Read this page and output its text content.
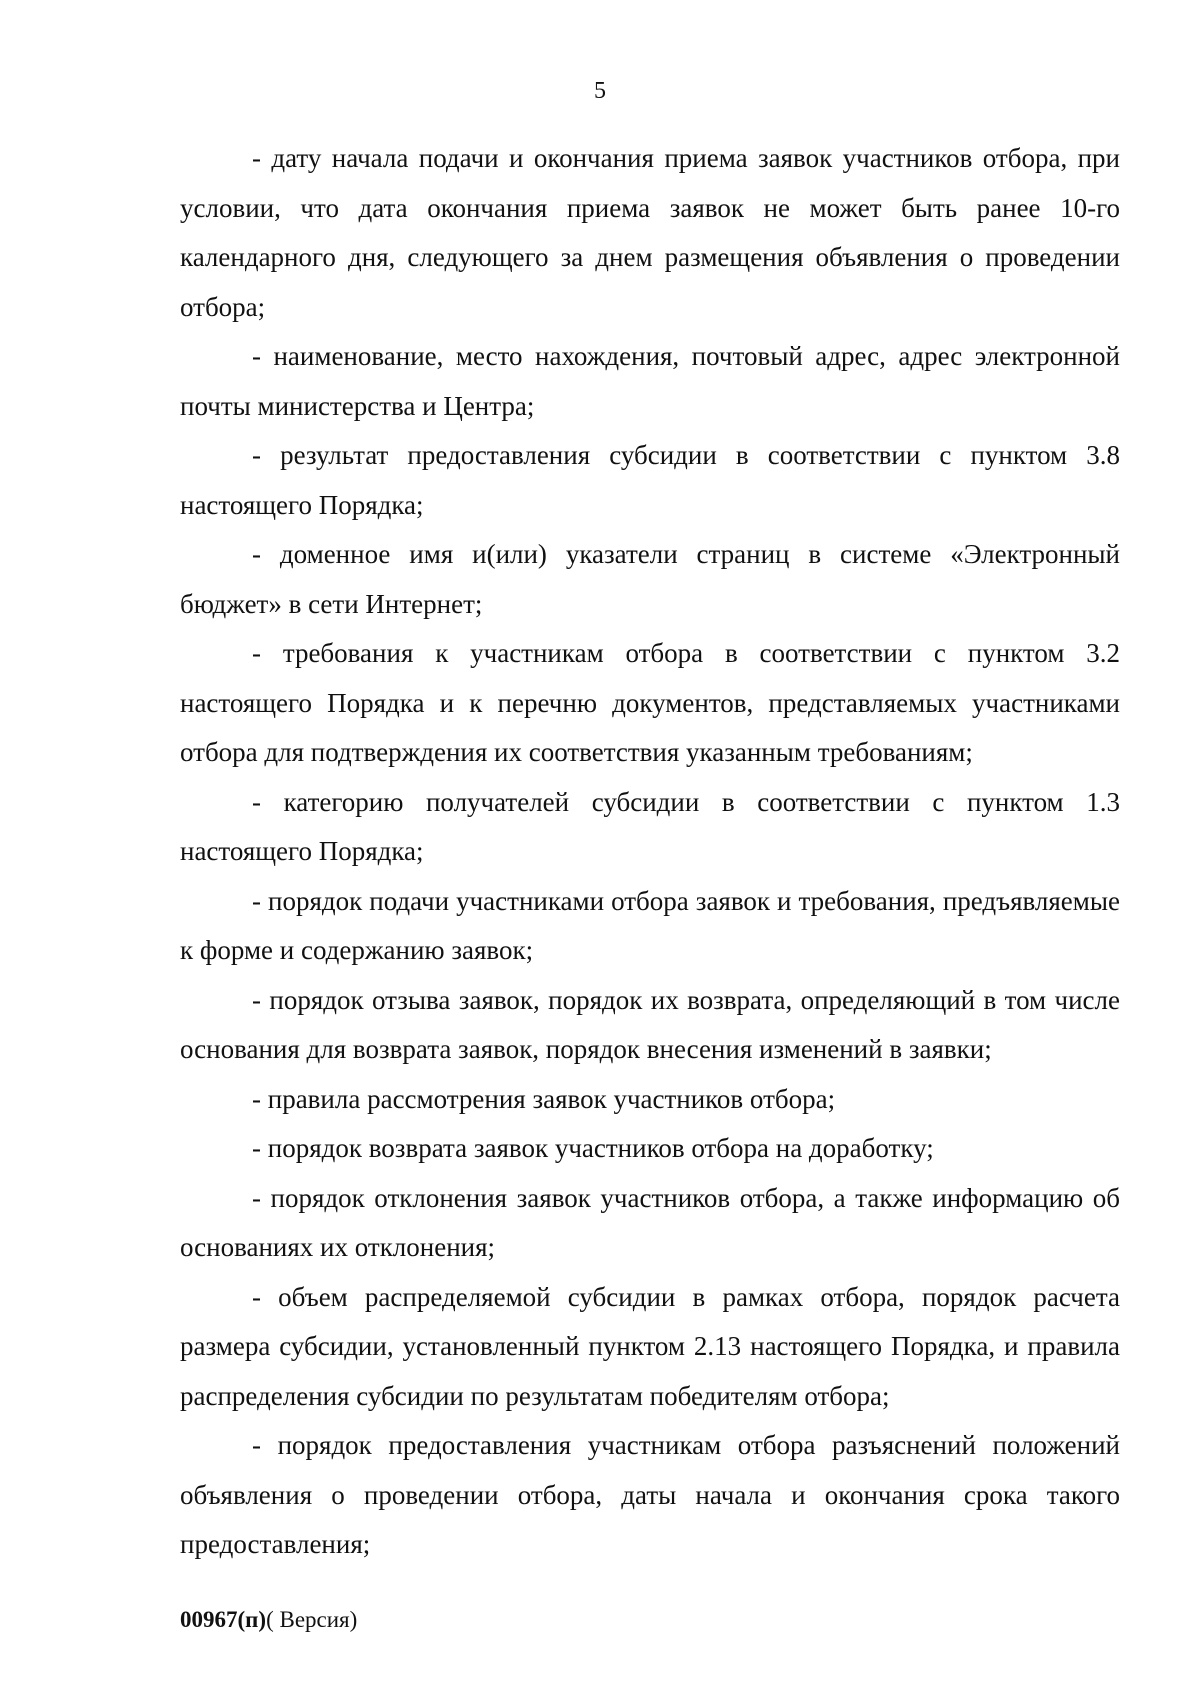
5

- дату начала подачи и окончания приема заявок участников отбора, при условии, что дата окончания приема заявок не может быть ранее 10-го календарного дня, следующего за днем размещения объявления о проведении отбора;

- наименование, место нахождения, почтовый адрес, адрес электронной почты министерства и Центра;

- результат предоставления субсидии в соответствии с пунктом 3.8 настоящего Порядка;

- доменное имя и(или) указатели страниц в системе «Электронный бюджет» в сети Интернет;

- требования к участникам отбора в соответствии с пунктом 3.2 настоящего Порядка и к перечню документов, представляемых участниками отбора для подтверждения их соответствия указанным требованиям;

- категорию получателей субсидии в соответствии с пунктом 1.3 настоящего Порядка;

- порядок подачи участниками отбора заявок и требования, предъявляемые к форме и содержанию заявок;

- порядок отзыва заявок, порядок их возврата, определяющий в том числе основания для возврата заявок, порядок внесения изменений в заявки;

- правила рассмотрения заявок участников отбора;

- порядок возврата заявок участников отбора на доработку;

- порядок отклонения заявок участников отбора, а также информацию об основаниях их отклонения;

- объем распределяемой субсидии в рамках отбора, порядок расчета размера субсидии, установленный пунктом 2.13 настоящего Порядка, и правила распределения субсидии по результатам победителям отбора;

- порядок предоставления участникам отбора разъяснений положений объявления о проведении отбора, даты начала и окончания срока такого предоставления;

00967(п)( Версия)
